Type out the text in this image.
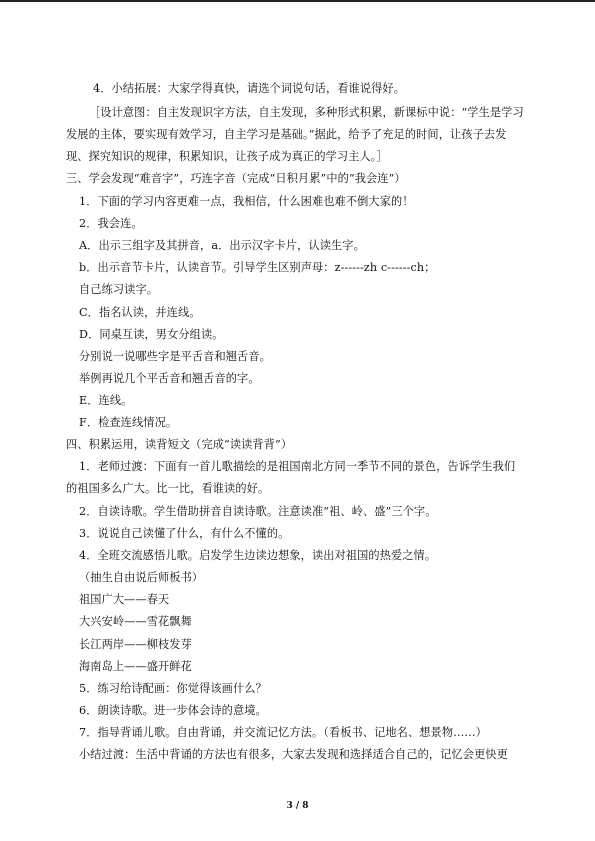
4．小结拓展：大家学得真快，请选个词说句话，看谁说得好。
［设计意图：自主发现识字方法，自主发现，多种形式积累，新课标中说：“学生是学习
发展的主体，要实现有效学习，自主学习是基础。”据此，给予了充足的时间，让孩子去发
现、探究知识的规律，积累知识，让孩子成为真正的学习主人。］
三、学会发现“难音字”，巧连字音（完成“日积月累”中的“我会连”）
1．下面的学习内容更难一点，我相信，什么困难也难不倒大家的！
2．我会连。
A．出示三组字及其拼音，a．出示汉字卡片，认读生字。
b．出示音节卡片，认读音节。引导学生区别声母：z------zh c------ch；
自己练习读字。
C．指名认读，并连线。
D．同桌互读，男女分组读。
分别说一说哪些字是平舌音和翘舌音。
举例再说几个平舌音和翘舌音的字。
E．连线。
F．检查连线情况。
四、积累运用，读背短文（完成“读读背背”）
1．老师过渡：下面有一首儿歌描绘的是祖国南北方同一季节不同的景色，告诉学生我们
的祖国多么广大。比一比，看谁读的好。
2．自读诗歌。学生借助拼音自读诗歌。注意读准“祖、岭、盛”三个字。
3．说说自己读懂了什么，有什么不懂的。
4．全班交流感悟儿歌。启发学生边读边想象，读出对祖国的热爱之情。
（抽生自由说后师板书）
祖国广大——春天
大兴安岭——雪花飘舞
长江两岸——柳枝发芽
海南岛上——盛开鲜花
5．练习给诗配画：你觉得该画什么？
6．朗读诗歌。进一步体会诗的意境。
7．指导背诵儿歌。自由背诵，并交流记忆方法。（看板书、记地名、想景物……）
小结过渡：生活中背诵的方法也有很多，大家去发现和选择适合自己的，记忆会更快更
3 / 8
